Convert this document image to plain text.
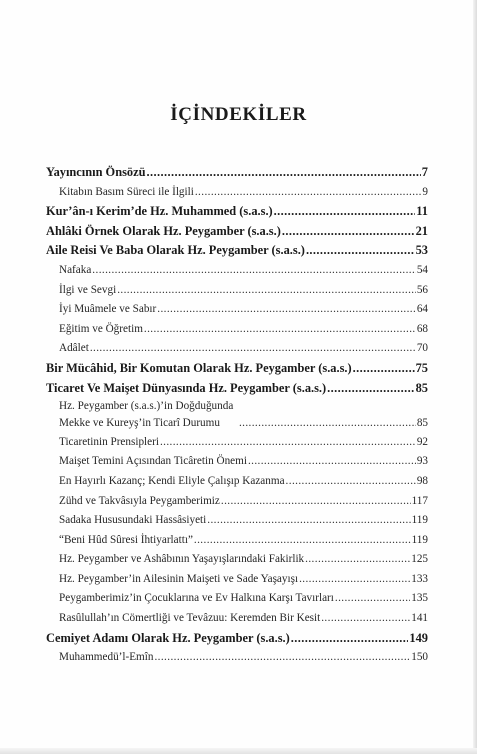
İÇİNDEKİLER
Yayıncının Önsözü .....	7
Kitabın Basım Süreci ile İlgili .....	9
Kur’ân-ı Kerim’de Hz. Muhammed (s.a.s.) .....	11
Ahlâki Örnek Olarak Hz. Peygamber (s.a.s.) .....	21
Aile Reisi Ve Baba Olarak Hz. Peygamber (s.a.s.) .....	53
Nafaka .....	54
İlgi ve Sevgi .....	56
İyi Muâmele ve Sabır .....	64
Eğitim ve Öğretim .....	68
Adâlet .....	70
Bir Mücâhid, Bir Komutan Olarak Hz. Peygamber (s.a.s.) .....	75
Ticaret Ve Maişet Dünyasında Hz. Peygamber (s.a.s.) .....	85
Hz. Peygamber (s.a.s.)’in Doğduğunda
Mekke ve Kureyş’in Ticarî Durumu .....	85
Ticaretinin Prensipleri .....	92
Maişet Temini Açısından Ticâretin Önemi .....	93
En Hayırlı Kazanç; Kendi Eliyle Çalışıp Kazanma .....	98
Zühd ve Takvâsıyla Peygamberimiz .....	117
Sadaka Hususundaki Hassâsiyeti .....	119
“Beni Hûd Sûresi İhtiyarlattı” .....	119
Hz. Peygamber ve Ashâbının Yaşayışlarındaki Fakirlik .....	125
Hz. Peygamber’in Ailesinin Maişeti ve Sade Yaşayışı .....	133
Peygamberimiz’in Çocuklarına ve Ev Halkına Karşı Tavırları .....	135
Rasûlullah’ın Cömertliği ve Tevâzuu: Keremden Bir Kesit .....	141
Cemiyet Adamı Olarak Hz. Peygamber (s.a.s.) .....	149
Muhammedü’l-Emîn .....	150
